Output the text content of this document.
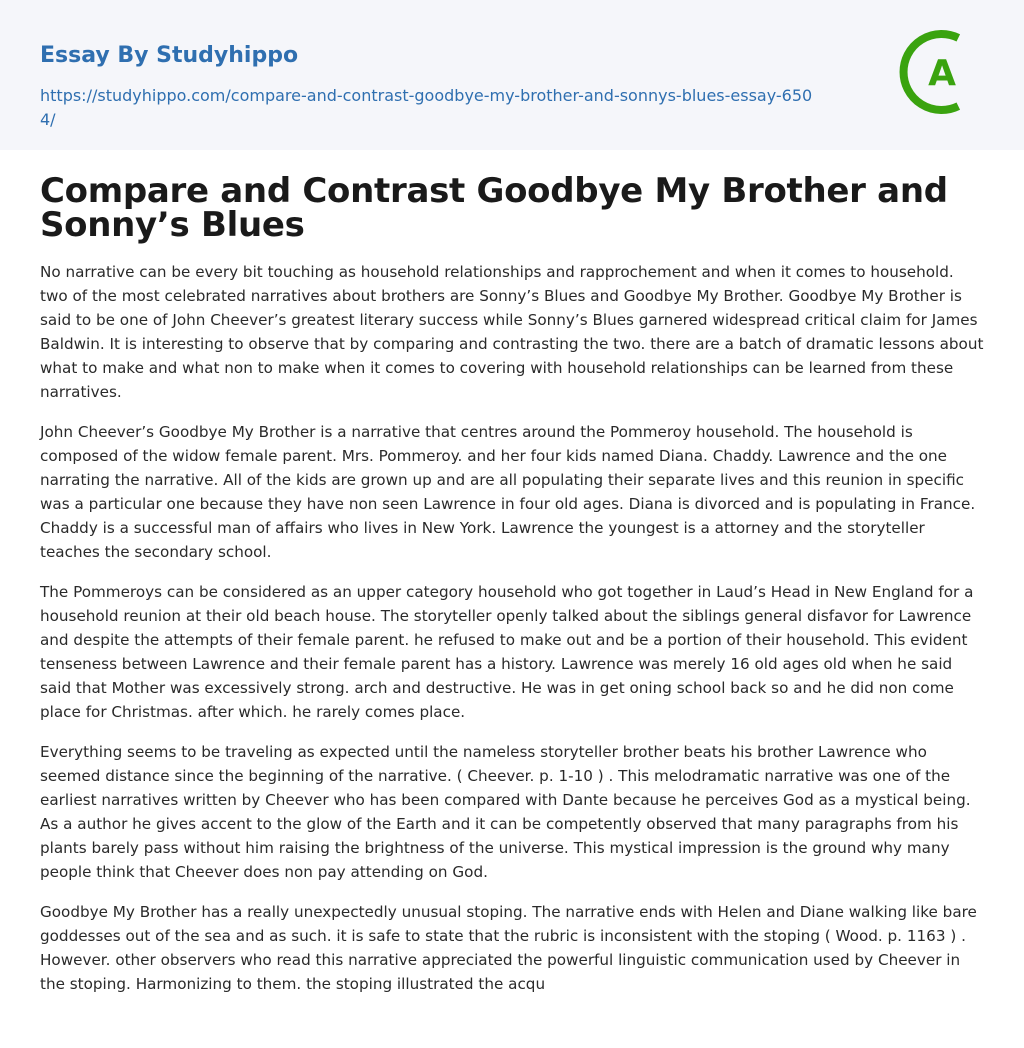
Essay By Studyhippo
https://studyhippo.com/compare-and-contrast-goodbye-my-brother-and-sonnys-blues-essay-6504/
A
Compare and Contrast Goodbye My Brother and Sonny’s Blues

No narrative can be every bit touching as household relationships and rapprochement and when it comes to household. two of the most celebrated narratives about brothers are Sonny’s Blues and Goodbye My Brother. Goodbye My Brother is said to be one of John Cheever’s greatest literary success while Sonny’s Blues garnered widespread critical claim for James Baldwin. It is interesting to observe that by comparing and contrasting the two. there are a batch of dramatic lessons about what to make and what non to make when it comes to covering with household relationships can be learned from these narratives.

John Cheever’s Goodbye My Brother is a narrative that centres around the Pommeroy household. The household is composed of the widow female parent. Mrs. Pommeroy. and her four kids named Diana. Chaddy. Lawrence and the one narrating the narrative. All of the kids are grown up and are all populating their separate lives and this reunion in specific was a particular one because they have non seen Lawrence in four old ages. Diana is divorced and is populating in France. Chaddy is a successful man of affairs who lives in New York. Lawrence the youngest is a attorney and the storyteller teaches the secondary school.

The Pommeroys can be considered as an upper category household who got together in Laud’s Head in New England for a household reunion at their old beach house. The storyteller openly talked about the siblings general disfavor for Lawrence and despite the attempts of their female parent. he refused to make out and be a portion of their household. This evident tenseness between Lawrence and their female parent has a history. Lawrence was merely 16 old ages old when he said said that Mother was excessively strong. arch and destructive. He was in get oning school back so and he did non come place for Christmas. after which. he rarely comes place.

Everything seems to be traveling as expected until the nameless storyteller brother beats his brother Lawrence who seemed distance since the beginning of the narrative. ( Cheever. p. 1-10 ) . This melodramatic narrative was one of the earliest narratives written by Cheever who has been compared with Dante because he perceives God as a mystical being. As a author he gives accent to the glow of the Earth and it can be competently observed that many paragraphs from his plants barely pass without him raising the brightness of the universe. This mystical impression is the ground why many people think that Cheever does non pay attending on God.

Goodbye My Brother has a really unexpectedly unusual stoping. The narrative ends with Helen and Diane walking like bare goddesses out of the sea and as such. it is safe to state that the rubric is inconsistent with the stoping ( Wood. p. 1163 ) . However. other observers who read this narrative appreciated the powerful linguistic communication used by Cheever in the stoping. Harmonizing to them. the stoping illustrated the acqu
